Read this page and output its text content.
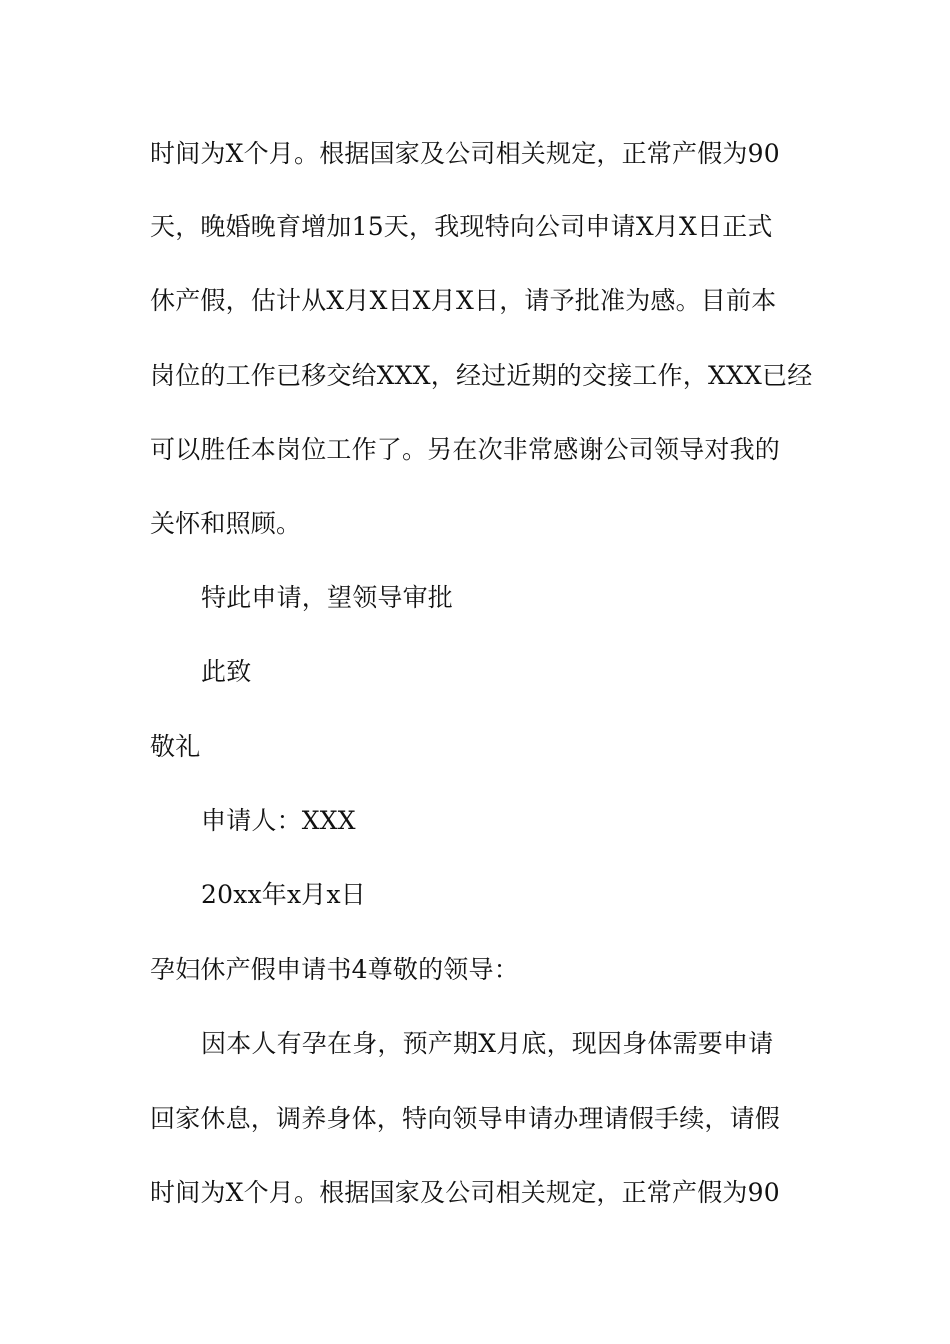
时间为X个月。根据国家及公司相关规定，正常产假为90
天，晚婚晚育增加15天，我现特向公司申请X月X日正式
休产假，估计从X月X日X月X日，请予批准为感。目前本
岗位的工作已移交给XXX，经过近期的交接工作，XXX已经
可以胜任本岗位工作了。另在次非常感谢公司领导对我的
关怀和照顾。
特此申请，望领导审批
此致
敬礼
申请人：XXX
20xx年x月x日
孕妇休产假申请书4尊敬的领导：
因本人有孕在身，预产期X月底，现因身体需要申请
回家休息，调养身体，特向领导申请办理请假手续，请假
时间为X个月。根据国家及公司相关规定，正常产假为90
